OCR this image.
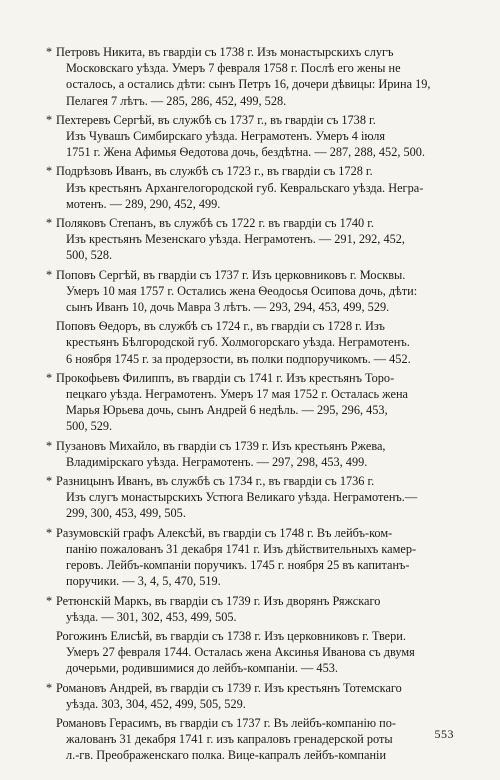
* Петровъ Никита, въ гвардіи съ 1738 г. Изъ монастырскихъ слугъ
Московскаго уѣзда. Умеръ 7 февраля 1758 г. Послѣ его жены не
осталось, а остались дѣти: сынъ Петръ 16, дочери дѣвицы: Ирина 19,
Пелагея 7 лѣтъ. — 285, 286, 452, 499, 528.
* Пехтеревъ Сергѣй, въ службѣ съ 1737 г., въ гвардіи съ 1738 г.
Изъ Чувашъ Симбирскаго уѣзда. Неграмотенъ. Умеръ 4 іюля
1751 г. Жена Афимья Ѳедотова дочь, бездѣтна. — 287, 288, 452, 500.
* Подрѣзовъ Иванъ, въ службѣ съ 1723 г., въ гвардіи съ 1728 г.
Изъ крестьянъ Архангелогородской губ. Кевральскаго уѣзда. Негра-
мотенъ. — 289, 290, 452, 499.
* Поляковъ Степанъ, въ службѣ съ 1722 г. въ гвардіи съ 1740 г.
Изъ крестьянъ Мезенскаго уѣзда. Неграмотенъ. — 291, 292, 452,
500, 528.
* Поповъ Сергѣй, въ гвардіи съ 1737 г. Изъ церковниковъ г. Москвы.
Умеръ 10 мая 1757 г. Остались жена Ѳеодосья Осипова дочь, дѣти:
сынъ Иванъ 10, дочь Мавра 3 лѣтъ. — 293, 294, 453, 499, 529.
Поповъ Ѳедоръ, въ службѣ съ 1724 г., въ гвардіи съ 1728 г. Изъ
крестьянъ Бѣлгородской губ. Холмогорскаго уѣзда. Неграмотенъ.
6 ноября 1745 г. за продерзости, въ полки подпоручикомъ. — 452.
* Прокофьевъ Филиппъ, въ гвардіи съ 1741 г. Изъ крестьянъ Торо-
пецкаго уѣзда. Неграмотенъ. Умеръ 17 мая 1752 г. Осталась жена
Марья Юрьева дочь, сынъ Андрей 6 недѣль. — 295, 296, 453,
500, 529.
* Пузановъ Михайло, въ гвардіи съ 1739 г. Изъ крестьянъ Ржева,
Владимірскаго уѣзда. Неграмотенъ. — 297, 298, 453, 499.
* Разницынъ Иванъ, въ службѣ съ 1734 г., въ гвардіи съ 1736 г.
Изъ слугъ монастырскихъ Устюга Великаго уѣзда. Неграмотенъ.—
299, 300, 453, 499, 505.
* Разумовскій графъ Алексѣй, въ гвардіи съ 1748 г. Въ лейбъ-ком-
панію пожалованъ 31 декабря 1741 г. Изъ дѣйствительныхъ камер-
геровъ. Лейбъ-компаніи поручикъ. 1745 г. ноября 25 въ капитанъ-
поручики. — 3, 4, 5, 470, 519.
* Ретюнскій Маркъ, въ гвардіи съ 1739 г. Изъ дворянъ Ряжскаго
уѣзда. — 301, 302, 453, 499, 505.
Рогожинъ Елисѣй, въ гвардіи съ 1738 г. Изъ церковниковъ г. Твери.
Умеръ 27 февраля 1744. Осталась жена Аксинья Иванова съ двумя
дочерьми, родившимися до лейбъ-компаніи. — 453.
* Романовъ Андрей, въ гвардіи съ 1739 г. Изъ крестьянъ Тотемскаго
уѣзда. 303, 304, 452, 499, 505, 529.
Романовъ Герасимъ, въ гвардіи съ 1737 г. Въ лейбъ-компанію по-
жалованъ 31 декабря 1741 г. изъ капраловъ гренадерской роты
л.-гв. Преображенскаго полка. Вице-капралъ лейбъ-компаніи
553
